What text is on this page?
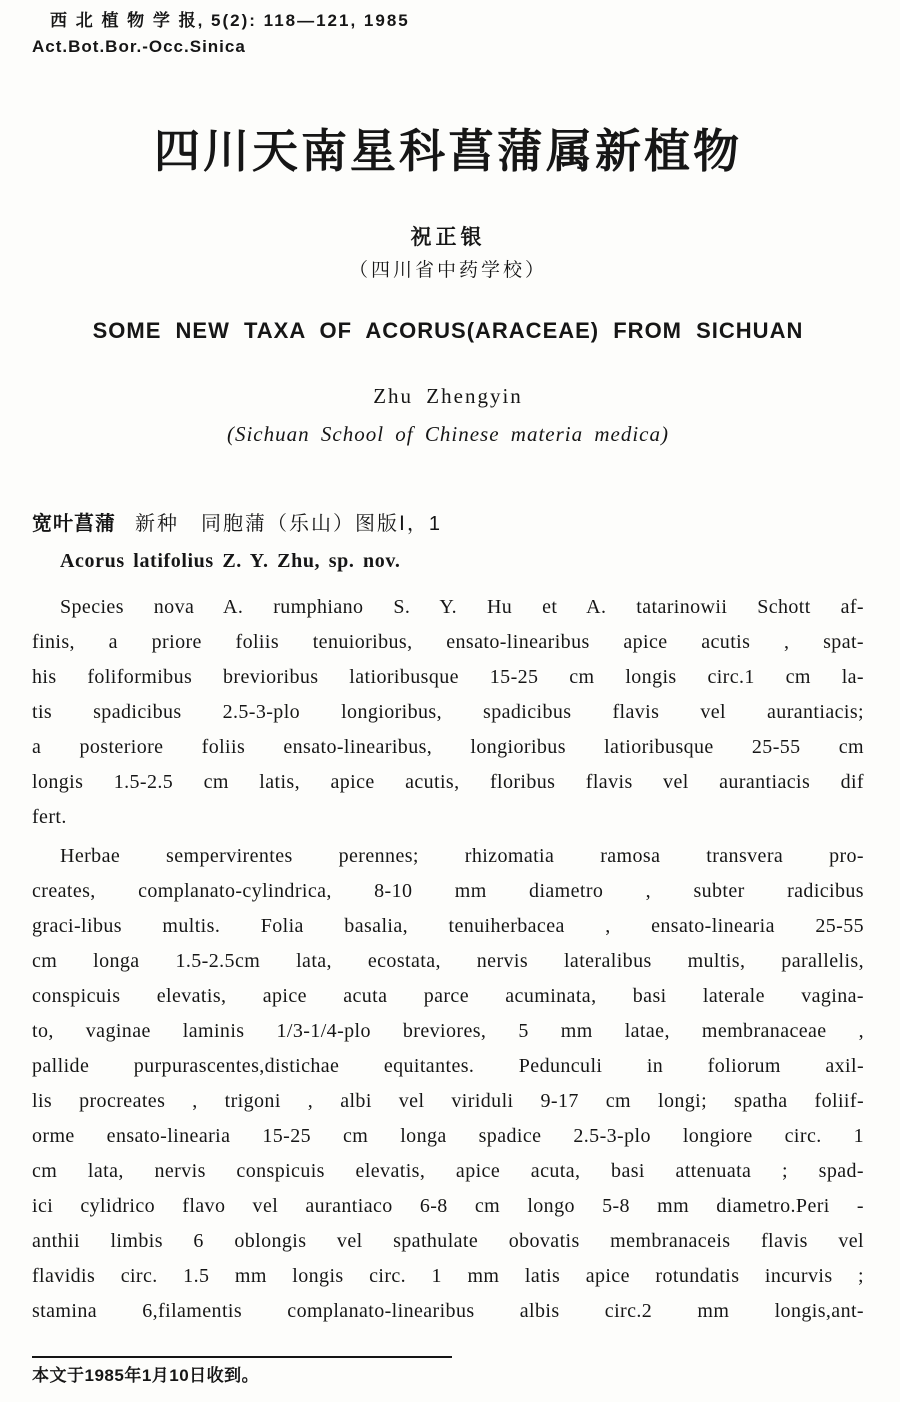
西 北 植 物 学 报, 5(2): 118—121, 1985
Act.Bot.Bor.-Occ.Sinica
四川天南星科菖蒲属新植物
祝正银
（四川省中药学校）
SOME NEW TAXA OF ACORUS(ARACEAE) FROM SICHUAN
Zhu Zhengyin
(Sichuan School of Chinese materia medica)
宽叶菖蒲 新种　同胞蒲（乐山）图版Ⅰ，1
Acorus latifolius Z. Y. Zhu, sp. nov.
Species nova A. rumphiano S. Y. Hu et A. tatarinowii Schott af-
finis, a priore foliis tenuioribus, ensato-linearibus apice acutis , spat-
his foliformibus brevioribus latioribusque 15-25 cm longis circ.1 cm la-
tis spadicibus 2.5-3-plo longioribus, spadicibus flavis vel aurantiacis;
a posteriore foliis ensato-linearibus, longioribus latioribusque 25-55 cm
longis 1.5-2.5 cm latis, apice acutis, floribus flavis vel aurantiacis dif
fert.
Herbae sempervirentes perennes; rhizomatia ramosa transvera pro-
creates, complanato-cylindrica, 8-10 mm diametro , subter radicibus
graci-libus multis. Folia basalia, tenuiherbacea , ensato-linearia 25-55
cm longa 1.5-2.5cm lata, ecostata, nervis lateralibus multis, parallelis,
conspicuis elevatis, apice acuta parce acuminata, basi laterale vagina-
to, vaginae laminis 1/3-1/4-plo breviores, 5 mm latae, membranaceae ,
pallide purpurascentes,distichae equitantes. Pedunculi in foliorum axil-
lis procreates , trigoni , albi vel viriduli 9-17 cm longi; spatha foliif-
orme ensato-linearia 15-25 cm longa spadice 2.5-3-plo longiore circ. 1
cm lata, nervis conspicuis elevatis, apice acuta, basi attenuata ; spad-
ici cylidrico flavo vel aurantiaco 6-8 cm longo 5-8 mm diametro.Peri -
anthii limbis 6 oblongis vel spathulate obovatis membranaceis flavis vel
flavidis circ. 1.5 mm longis circ. 1 mm latis apice rotundatis incurvis ;
stamina 6,filamentis complanato-linearibus albis circ.2 mm longis,ant-
本文于1985年1月10日收到。
